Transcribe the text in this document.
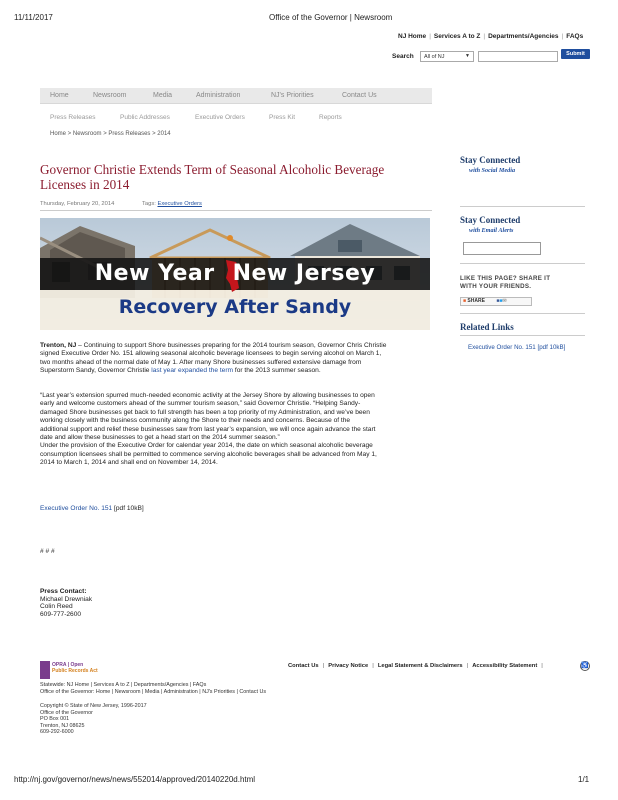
11/11/2017	Office of the Governor | Newsroom
NJ Home | Services A to Z | Departments/Agencies | FAQs
Search	All of NJ	▼	Submit
Home	Newsroom	Media	Administration	NJ's Priorities	Contact Us
Press Releases	Public Addresses	Executive Orders	Press Kit	Reports
Home > Newsroom > Press Releases > 2014
Governor Christie Extends Term of Seasonal Alcoholic Beverage
Licenses in 2014
Thursday, February 20, 2014	Tags: Executive Orders
New Year New Jersey
Recovery After Sandy
Trenton, NJ – Continuing to support Shore businesses preparing for the 2014 tourism season, Governor Chris Christie
signed Executive Order No. 151 allowing seasonal alcoholic beverage licensees to begin serving alcohol on March 1,
two months ahead of the normal date of May 1. After many Shore businesses suffered extensive damage from
Superstorm Sandy, Governor Christie last year expanded the term for the 2013 summer season.
“Last year’s extension spurred much-needed economic activity at the Jersey Shore by allowing businesses to open
early and welcome customers ahead of the summer tourism season,” said Governor Christie. “Helping Sandy-
damaged Shore businesses get back to full strength has been a top priority of my Administration, and we’ve been
working closely with the business community along the Shore to their needs and concerns. Because of the
additional support and relief these businesses saw from last year’s expansion, we will once again advance the start
date and allow these businesses to get a head start on the 2014 summer season.”
Under the provision of the Executive Order for calendar year 2014, the date on which seasonal alcoholic beverage
consumption licensees shall be permitted to commence serving alcoholic beverages shall be advanced from May 1,
2014 to March 1, 2014 and shall end on November 14, 2014.
Executive Order No. 151 [pdf 10kB]
# # #
Press Contact:
Michael Drewniak
Colin Reed
609-777-2600
Stay Connected
with Social Media
Stay Connected
with Email Alerts
LIKE THIS PAGE? SHARE IT
WITH YOUR FRIENDS.
■ SHARE ■■✉
Related Links
Executive Order No. 151 [pdf 10kB]
OPRA | Open
Public Records Act
Contact Us | Privacy Notice | Legal Statement & Disclaimers | Accessibility Statement |	♿
Statewide: NJ Home | Services A to Z | Departments/Agencies | FAQs
Office of the Governor: Home | Newsroom | Media | Administration | NJ's Priorities | Contact Us
Copyright © State of New Jersey, 1996-2017
Office of the Governor
PO Box 001
Trenton, NJ 08625
609-292-6000
http://nj.gov/governor/news/news/552014/approved/20140220d.html	1/1
